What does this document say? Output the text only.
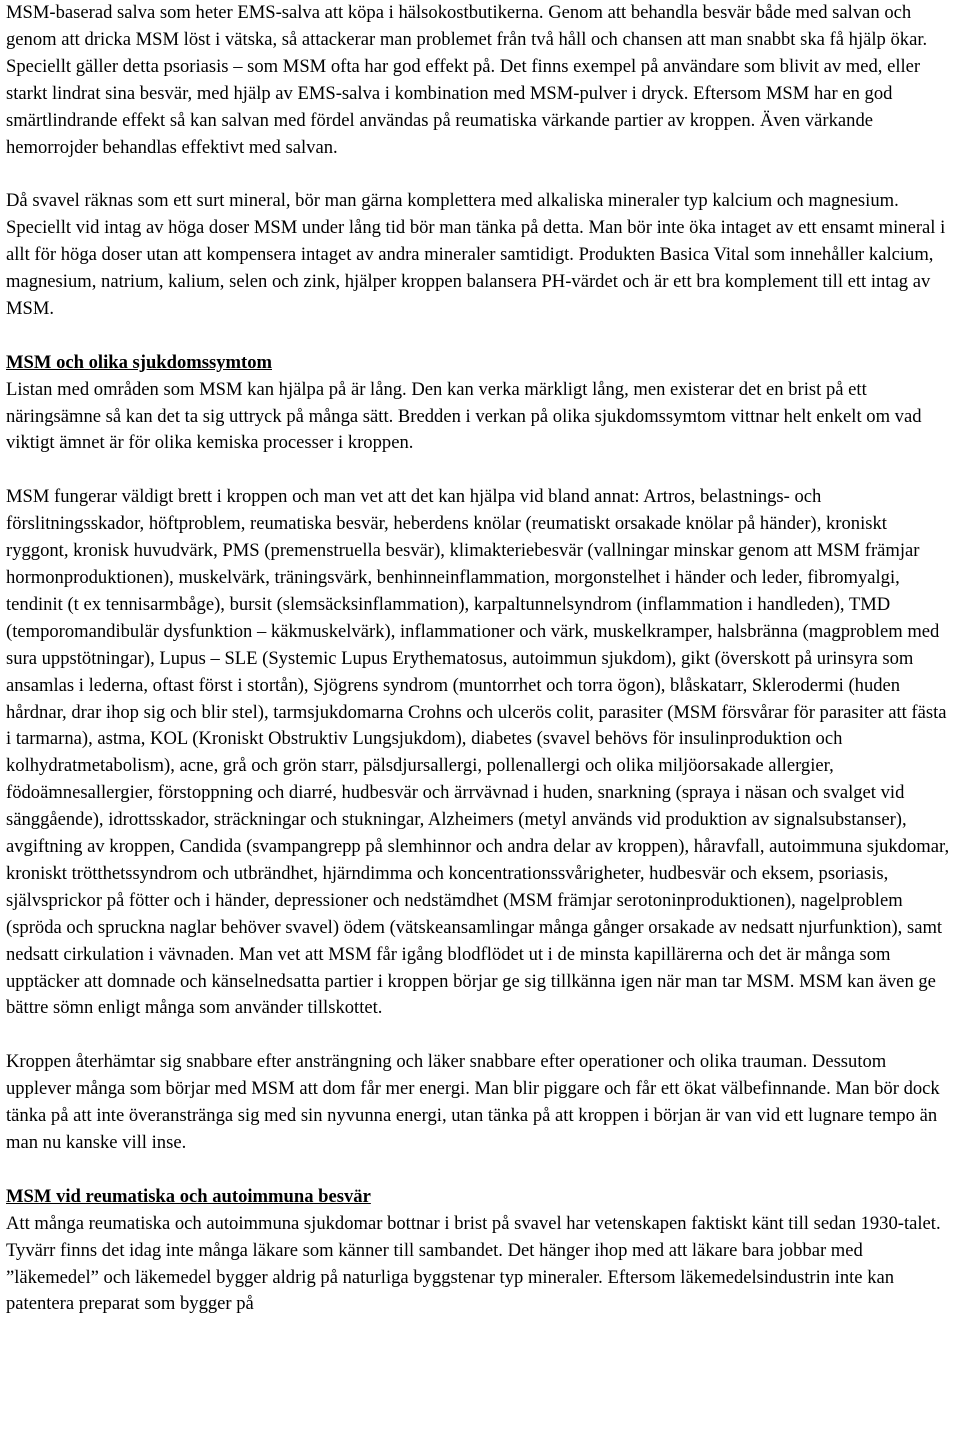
MSM-baserad salva som heter EMS-salva att köpa i hälsokostbutikerna. Genom att behandla besvär både med salvan och genom att dricka MSM löst i vätska, så attackerar man problemet från två håll och chansen att man snabbt ska få hjälp ökar. Speciellt gäller detta psoriasis – som MSM ofta har god effekt på. Det finns exempel på användare som blivit av med, eller starkt lindrat sina besvär, med hjälp av EMS-salva i kombination med MSM-pulver i dryck. Eftersom MSM har en god smärtlindrande effekt så kan salvan med fördel användas på reumatiska värkande partier av kroppen. Även värkande hemorrojder behandlas effektivt med salvan.

Då svavel räknas som ett surt mineral, bör man gärna komplettera med alkaliska mineraler typ kalcium och magnesium. Speciellt vid intag av höga doser MSM under lång tid bör man tänka på detta. Man bör inte öka intaget av ett ensamt mineral i allt för höga doser utan att kompensera intaget av andra mineraler samtidigt. Produkten Basica Vital som innehåller kalcium, magnesium, natrium, kalium, selen och zink, hjälper kroppen balansera PH-värdet och är ett bra komplement till ett intag av MSM.

MSM och olika sjukdomssymtom

Listan med områden som MSM kan hjälpa på är lång. Den kan verka märkligt lång, men existerar det en brist på ett näringsämne så kan det ta sig uttryck på många sätt. Bredden i verkan på olika sjukdomssymtom vittnar helt enkelt om vad viktigt ämnet är för olika kemiska processer i kroppen.

MSM fungerar väldigt brett i kroppen och man vet att det kan hjälpa vid bland annat: Artros, belastnings- och förslitningsskador, höftproblem, reumatiska besvär, heberdens knölar (reumatiskt orsakade knölar på händer), kroniskt ryggont, kronisk huvudvärk, PMS (premenstruella besvär), klimakteriebesvär (vallningar minskar genom att MSM främjar hormonproduktionen), muskelvärk, träningsvärk, benhinneinflammation, morgonstelhet i händer och leder, fibromyalgi, tendinit (t ex tennisarmbåge), bursit (slemsäcksinflammation), karpaltunnelsyndrom (inflammation i handleden), TMD (temporomandibulär dysfunktion – käkmuskelvärk), inflammationer och värk, muskelkramper, halsbränna (magproblem med sura uppstötningar), Lupus – SLE (Systemic Lupus Erythematosus, autoimmun sjukdom), gikt (överskott på urinsyra som ansamlas i lederna, oftast först i stortån), Sjögrens syndrom (muntorrhet och torra ögon), blåskatarr, Sklerodermi (huden hårdnar, drar ihop sig och blir stel), tarmsjukdomarna Crohns och ulcerös colit, parasiter (MSM försvårar för parasiter att fästa i tarmarna), astma, KOL (Kroniskt Obstruktiv Lungsjukdom), diabetes (svavel behövs för insulinproduktion och kolhydratmetabolism), acne, grå och grön starr, pälsdjursallergi, pollenallergi och olika miljöorsakade allergier, födoämnesallergier, förstoppning och diarré, hudbesvär och ärrvävnad i huden, snarkning (spraya i näsan och svalget vid sänggående), idrottsskador, sträckningar och stukningar, Alzheimers (metyl används vid produktion av signalsubstanser), avgiftning av kroppen, Candida (svampangrepp på slemhinnor och andra delar av kroppen), håravfall, autoimmuna sjukdomar, kroniskt trötthetssyndrom och utbrändhet, hjärndimma och koncentrationssvårigheter, hudbesvär och eksem, psoriasis, självsprickor på fötter och i händer, depressioner och nedstämdhet (MSM främjar serotoninproduktionen), nagelproblem (spröda och spruckna naglar behöver svavel) ödem (vätskeansamlingar många gånger orsakade av nedsatt njurfunktion), samt nedsatt cirkulation i vävnaden. Man vet att MSM får igång blodflödet ut i de minsta kapillärerna och det är många som upptäcker att domnade och känselnedsatta partier i kroppen börjar ge sig tillkänna igen när man tar MSM. MSM kan även ge bättre sömn enligt många som använder tillskottet.

Kroppen återhämtar sig snabbare efter ansträngning och läker snabbare efter operationer och olika trauman. Dessutom upplever många som börjar med MSM att dom får mer energi. Man blir piggare och får ett ökat välbefinnande. Man bör dock tänka på att inte överanstränga sig med sin nyvunna energi, utan tänka på att kroppen i början är van vid ett lugnare tempo än man nu kanske vill inse.

MSM vid reumatiska och autoimmuna besvär

Att många reumatiska och autoimmuna sjukdomar bottnar i brist på svavel har vetenskapen faktiskt känt till sedan 1930-talet. Tyvärr finns det idag inte många läkare som känner till sambandet. Det hänger ihop med att läkare bara jobbar med ”läkemedel” och läkemedel bygger aldrig på naturliga byggstenar typ mineraler. Eftersom läkemedelsindustrin inte kan patentera preparat som bygger på
